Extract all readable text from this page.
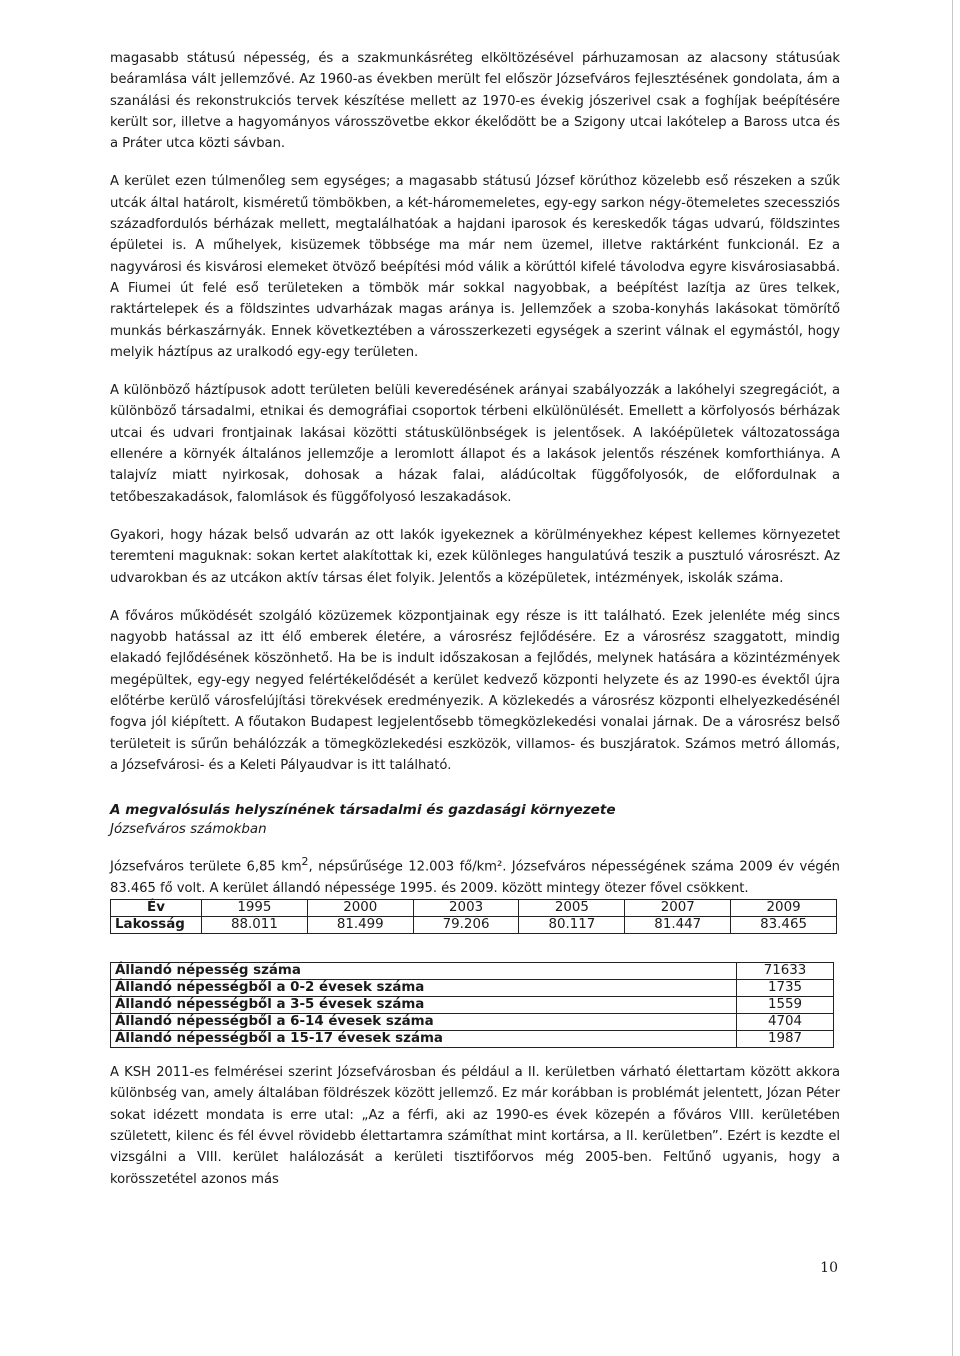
magasabb státusú népesség, és a szakmunkásréteg elköltözésével párhuzamosan az alacsony státusúak beáramlása vált jellemzővé. Az 1960-as években merült fel először Józsefváros fejlesztésének gondolata, ám a szanálási és rekonstrukciós tervek készítése mellett az 1970-es évekig jószerivel csak a foghíjak beépítésére került sor, illetve a hagyományos városszövetbe ekkor ékelődött be a Szigony utcai lakótelep a Baross utca és a Práter utca közti sávban.

A kerület ezen túlmenőleg sem egységes; a magasabb státusú József körúthoz közelebb eső részeken a szűk utcák által határolt, kisméretű tömbökben, a két-háromemeletes, egy-egy sarkon négy-ötemeletes szecessziós századfordulós bérházak mellett, megtalálhatóak a hajdani iparosok és kereskedők tágas udvarú, földszintes épületei is. A műhelyek, kisüzemek többsége ma már nem üzemel, illetve raktárként funkcionál. Ez a nagyvárosi és kisvárosi elemeket ötvöző beépítési mód válik a körúttól kifelé távolodva egyre kisvárosiasabbá. A Fiumei út felé eső területeken a tömbök már sokkal nagyobbak, a beépítést lazítja az üres telkek, raktártelepek és a földszintes udvarházak magas aránya is. Jellemzőek a szoba-konyhás lakásokat tömörítő munkás bérkaszárnyák. Ennek következtében a városszerkezeti egységek a szerint válnak el egymástól, hogy melyik háztípus az uralkodó egy-egy területen.

A különböző háztípusok adott területen belüli keveredésének arányai szabályozzák a lakóhelyi szegregációt, a különböző társadalmi, etnikai és demográfiai csoportok térbeni elkülönülését. Emellett a körfolyosós bérházak utcai és udvari frontjainak lakásai közötti státuskülönbségek is jelentősek. A lakóépületek változatossága ellenére a környék általános jellemzője a leromlott állapot és a lakások jelentős részének komforthiánya. A talajvíz miatt nyirkosak, dohosak a házak falai, aládúcoltak függőfolyosók, de előfordulnak a tetőbeszakadások, falomlások és függőfolyosó leszakadások.

Gyakori, hogy házak belső udvarán az ott lakók igyekeznek a körülményekhez képest kellemes környezetet teremteni maguknak: sokan kertet alakítottak ki, ezek különleges hangulatúvá teszik a pusztuló városrészt. Az udvarokban és az utcákon aktív társas élet folyik. Jelentős a középületek, intézmények, iskolák száma.

A főváros működését szolgáló közüzemek központjainak egy része is itt található. Ezek jelenléte még sincs nagyobb hatással az itt élő emberek életére, a városrész fejlődésére. Ez a városrész szaggatott, mindig elakadó fejlődésének köszönhető. Ha be is indult időszakosan a fejlődés, melynek hatására a közintézmények megépültek, egy-egy negyed felértékelődését a kerület kedvező központi helyzete és az 1990-es évektől újra előtérbe kerülő városfelújítási törekvések eredményezik. A közlekedés a városrész központi elhelyezkedésénél fogva jól kiépített. A főutakon Budapest legjelentősebb tömegközlekedési vonalai járnak. De a városrész belső területeit is sűrűn behálózzák a tömegközlekedési eszközök, villamos- és buszjáratok. Számos metró állomás, a Józsefvárosi- és a Keleti Pályaudvar is itt található.

A megvalósulás helyszínének társadalmi és gazdasági környezete
Józsefváros számokban

Józsefváros területe 6,85 $km^2$, népsűrűsége 12.003 fő/km². Józsefváros népességének száma 2009 év végén 83.465 fő volt. A kerület állandó népessége 1995. és 2009. között mintegy ötezer fővel csökkent.

Év	1995	2000	2003	2005	2007	2009
Lakosság	88.011	81.499	79.206	80.117	81.447	83.465
Állandó népesség száma	71633
Állandó népességből a 0-2 évesek száma	1735
Állandó népességből a 3-5 évesek száma	1559
Állandó népességből a 6-14 évesek száma	4704
Állandó népességből a 15-17 évesek száma	1987

A KSH 2011-es felmérései szerint Józsefvárosban és például a II. kerületben várható élettartam között akkora különbség van, amely általában földrészek között jellemző. Ez már korábban is problémát jelentett, Józan Péter sokat idézett mondata is erre utal: „Az a férfi, aki az 1990-es évek közepén a főváros VIII. kerületében született, kilenc és fél évvel rövidebb élettartamra számíthat mint kortársa, a II. kerületben”. Ezért is kezdte el vizsgálni a VIII. kerület halálozását a kerületi tisztifőorvos még 2005-ben. Feltűnő ugyanis, hogy a korösszetétel azonos más

10
